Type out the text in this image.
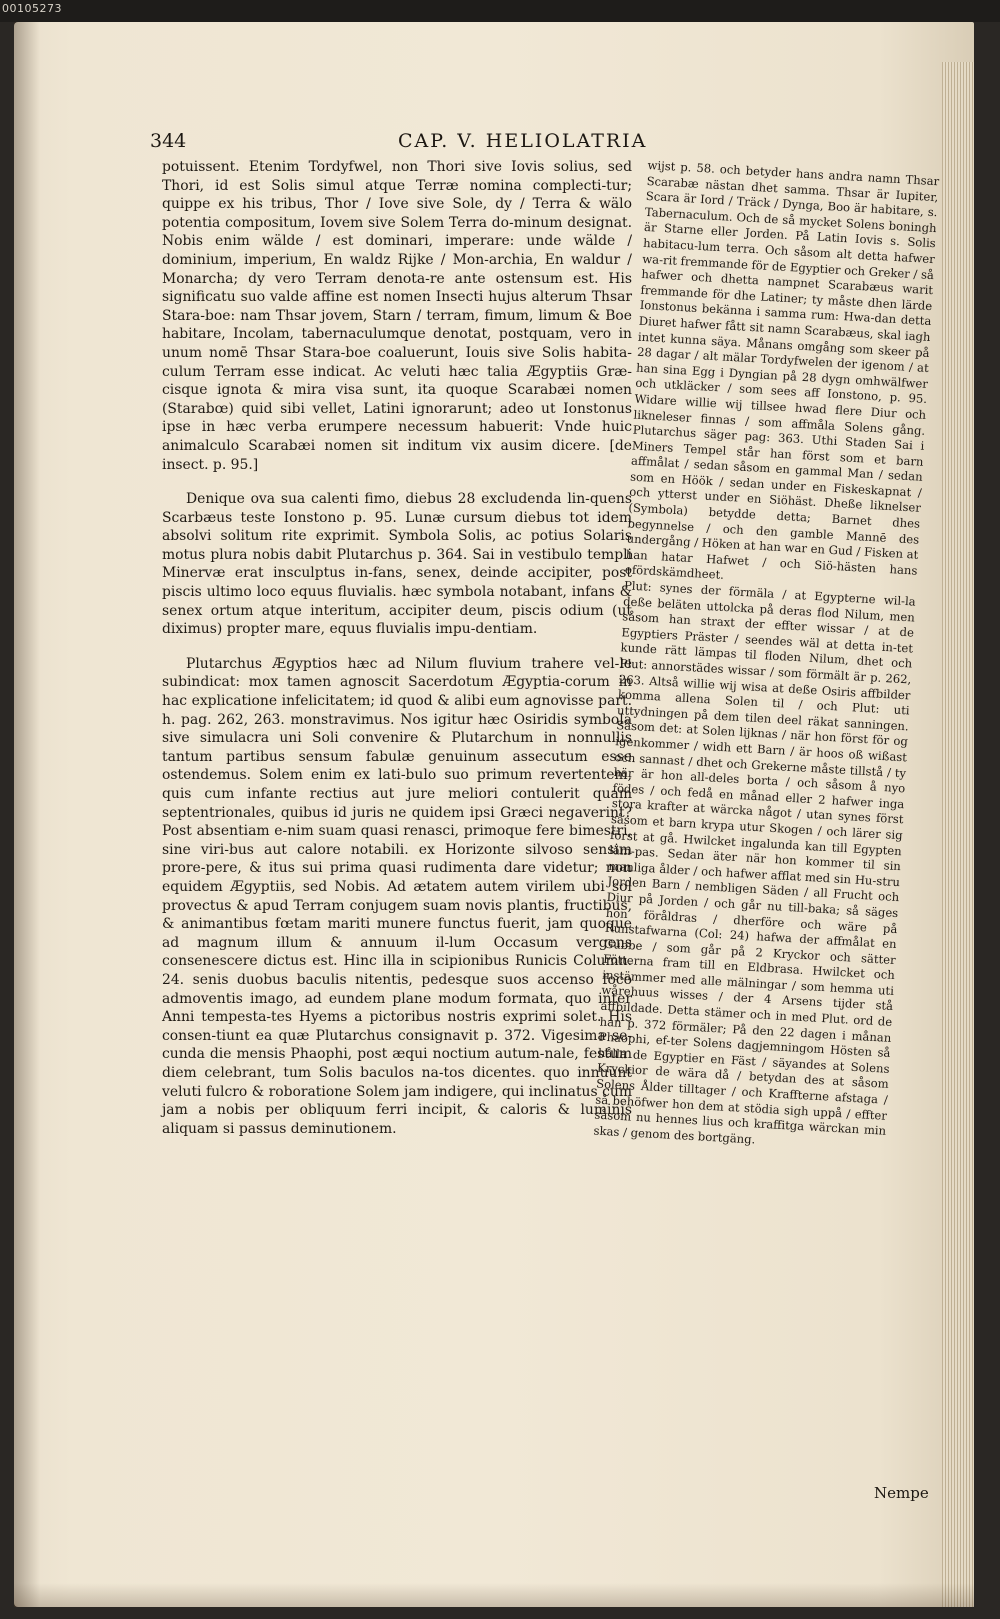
00105273
344	CAP. V. HELIOLATRIA

potuissent. Etenim Tordyfwel, non Thori sive Iovis solius, sed Thori, id est Solis simul atque Terræ nomina complecti-tur; quippe ex his tribus, Thor / Iove sive Sole, dy / Terra & wälo potentia compositum, Iovem sive Solem Terra do-minum designat. Nobis enim wälde / est dominari, imperare: unde wälde / dominium, imperium, En waldz Rijke / Mon-archia, En waldur / Monarcha; dy vero Terram denota-re ante ostensum est. His significatu suo valde affine est nomen Insecti hujus alterum Thsar Stara-boe: nam Thsar jovem, Starn / terram, fimum, limum & Boe habitare, Incolam, tabernaculumque denotat, postquam, vero in unum nomē Thsar Stara-boe coaluerunt, Iouis sive Solis habita-culum Terram esse indicat. Ac veluti hæc talia Ægyptiis Græ-cisque ignota & mira visa sunt, ita quoque Scarabæi nomen (Starabœ) quid sibi vellet, Latini ignorarunt; adeo ut Ionstonus ipse in hæc verba erumpere necessum habuerit: Vnde huic animalculo Scarabæi nomen sit inditum vix ausim dicere. [de insect. p. 95.]

Denique ova sua calenti fimo, diebus 28 excludenda lin-quens Scarbæus teste Ionstono p. 95. Lunæ cursum diebus tot idem absolvi solitum rite exprimit. Symbola Solis, ac potius Solaris motus plura nobis dabit Plutarchus p. 364. Sai in vestibulo templi Minervæ erat insculptus in-fans, senex, deinde accipiter, post piscis ultimo loco equus fluvialis. hæc symbola notabant, infans & senex ortum atque interitum, accipiter deum, piscis odium (ut diximus) propter mare, equus fluvialis impu-dentiam.

Plutarchus Ægyptios hæc ad Nilum fluvium trahere vel-le subindicat: mox tamen agnoscit Sacerdotum Ægyptia-corum in hac explicatione infelicitatem; id quod & alibi eum agnovisse part. h. pag. 262, 263. monstravimus. Nos igitur hæc Osiridis symbola sive simulacra uni Soli convenire & Plutarchum in nonnullis tantum partibus sensum fabulæ genuinum assecutum esse ostendemus. Solem enim ex lati-bulo suo primum revertentem, quis cum infante rectius aut jure meliori contulerit quam septentrionales, quibus id juris ne quidem ipsi Græci negaverint? Post absentiam e-nim suam quasi renasci, primoque fere bimestri, sine viri-bus aut calore notabili. ex Horizonte silvoso sensim prore-pere, & itus sui prima quasi rudimenta dare videtur; non equidem Ægyptiis, sed Nobis. Ad ætatem autem virilem ubi sol provectus & apud Terram conjugem suam novis plantis, fructibus, & animantibus fœtam mariti munere functus fuerit, jam quoque ad magnum illum & annuum il-lum Occasum vergens consenescere dictus est. Hinc illa in scipionibus Runicis Column. 24. senis duobus baculis nitentis, pedesque suos accenso foco admoventis imago, ad eundem plane modum formata, quo inter Anni tempesta-tes Hyems a pictoribus nostris exprimi solet. His consen-tiunt ea quæ Plutarchus consignavit p. 372. Vigesima se-cunda die mensis Phaophi, post æqui noctium autum-nale, festum diem celebrant, tum Solis baculos na-tos dicentes. quo innuunt veluti fulcro & roboratione Solem jam indigere, qui inclinatus cum jam a nobis per obliquum ferri incipit, & caloris & luminis aliquam si passus deminutionem.

wijst p. 58. och betyder hans andra namn Thsar Scarabæ nästan dhet samma. Thsar är Iupiter, Scara är Iord / Träck / Dynga, Boo är habitare, s. Tabernaculum. Och de så mycket Solens boningh är Starne eller Jorden. På Latin Iovis s. Solis habitacu-lum terra. Och såsom alt detta hafwer wa-rit fremmande för de Egyptier och Greker / så hafwer och dhetta nampnet Scarabæus warit fremmande för dhe Latiner; ty måste dhen lärde Ionstonus bekänna i samma rum: Hwa-dan detta Diuret hafwer fått sit namn Scarabæus, skal iagh intet kunna säya. Månans omgång som skeer på 28 dagar / alt mälar Tordyfwelen der igenom / at han sina Egg i Dyngian på 28 dygn omhwälfwer och utkläcker / som sees aff Ionstono, p. 95. Widare willie wij tillsee hwad flere Diur och likneleser finnas / som affmåla Solens gång. Plutarchus säger pag: 363. Uthi Staden Sai i Miners Tempel står han först som et barn affmålat / sedan såsom en gammal Man / sedan som en Höök / sedan under en Fiskeskapnat / och ytterst under en Siöhäst. Dheße liknelser (Symbola) betydde detta; Barnet dhes begynnelse / och den gamble Mannē des undergång / Höken at han war en Gud / Fisken at han hatar Hafwet / och Siö-hästen hans ofördskämdheet.

Plut: synes der förmäla / at Egypterne wil-la deße beläten uttolcka på deras flod Nilum, men såsom han straxt der effter wissar / at de Egyptiers Präster / seendes wäl at detta in-tet kunde rätt lämpas til floden Nilum, dhet och Plut: annorstädes wissar / som förmält är p. 262, 263. Altså willie wij wisa at deße Osiris affbilder komma allena Solen til / och Plut: uti uttydningen på dem tilen deel räkat sanningen. Såsom det: at Solen lijknas / när hon först för og igenkommer / widh ett Barn / är hoos oß wißast och sannast / dhet och Grekerne måste tillstå / ty här är hon all-deles borta / och såsom å nyo födes / och fedå en månad eller 2 hafwer inga stora krafter at wärcka något / utan synes först såsom et barn krypa utur Skogen / och lärer sig först at gå. Hwilcket ingalunda kan till Egypten läm-pas. Sedan äter när hon kommer til sin manliga ålder / och hafwer afflat med sin Hu-stru Jorden Barn / nembligen Säden / all Frucht och Diur på Jorden / och går nu till-baka; så säges hon föråldras / dherföre och wäre på Runstafwarna (Col: 24) hafwa der affmålat en Gubbe / som går på 2 Kryckor och sätter Fötterna fram till en Eldbrasa. Hwilcket och instämmer med alle mälningar / som hemma uti wårehuus wisses / der 4 Arsens tijder stå affbildade. Detta stämer och in med Plut. ord de han p. 372 förmäler; På den 22 dagen i månan Phaophi, ef-ter Solens dagjemningom Hösten så hålla de Egyptier en Fäst / säyandes at Solens Kryckior de wära då / betydan des at såsom Solens Ålder tilltager / och Kraffterne afstaga / så behöfwer hon dem at stödia sigh uppå / effter såsom nu hennes lius och kraffitga wärckan min skas / genom des bortgäng.

Nempe
